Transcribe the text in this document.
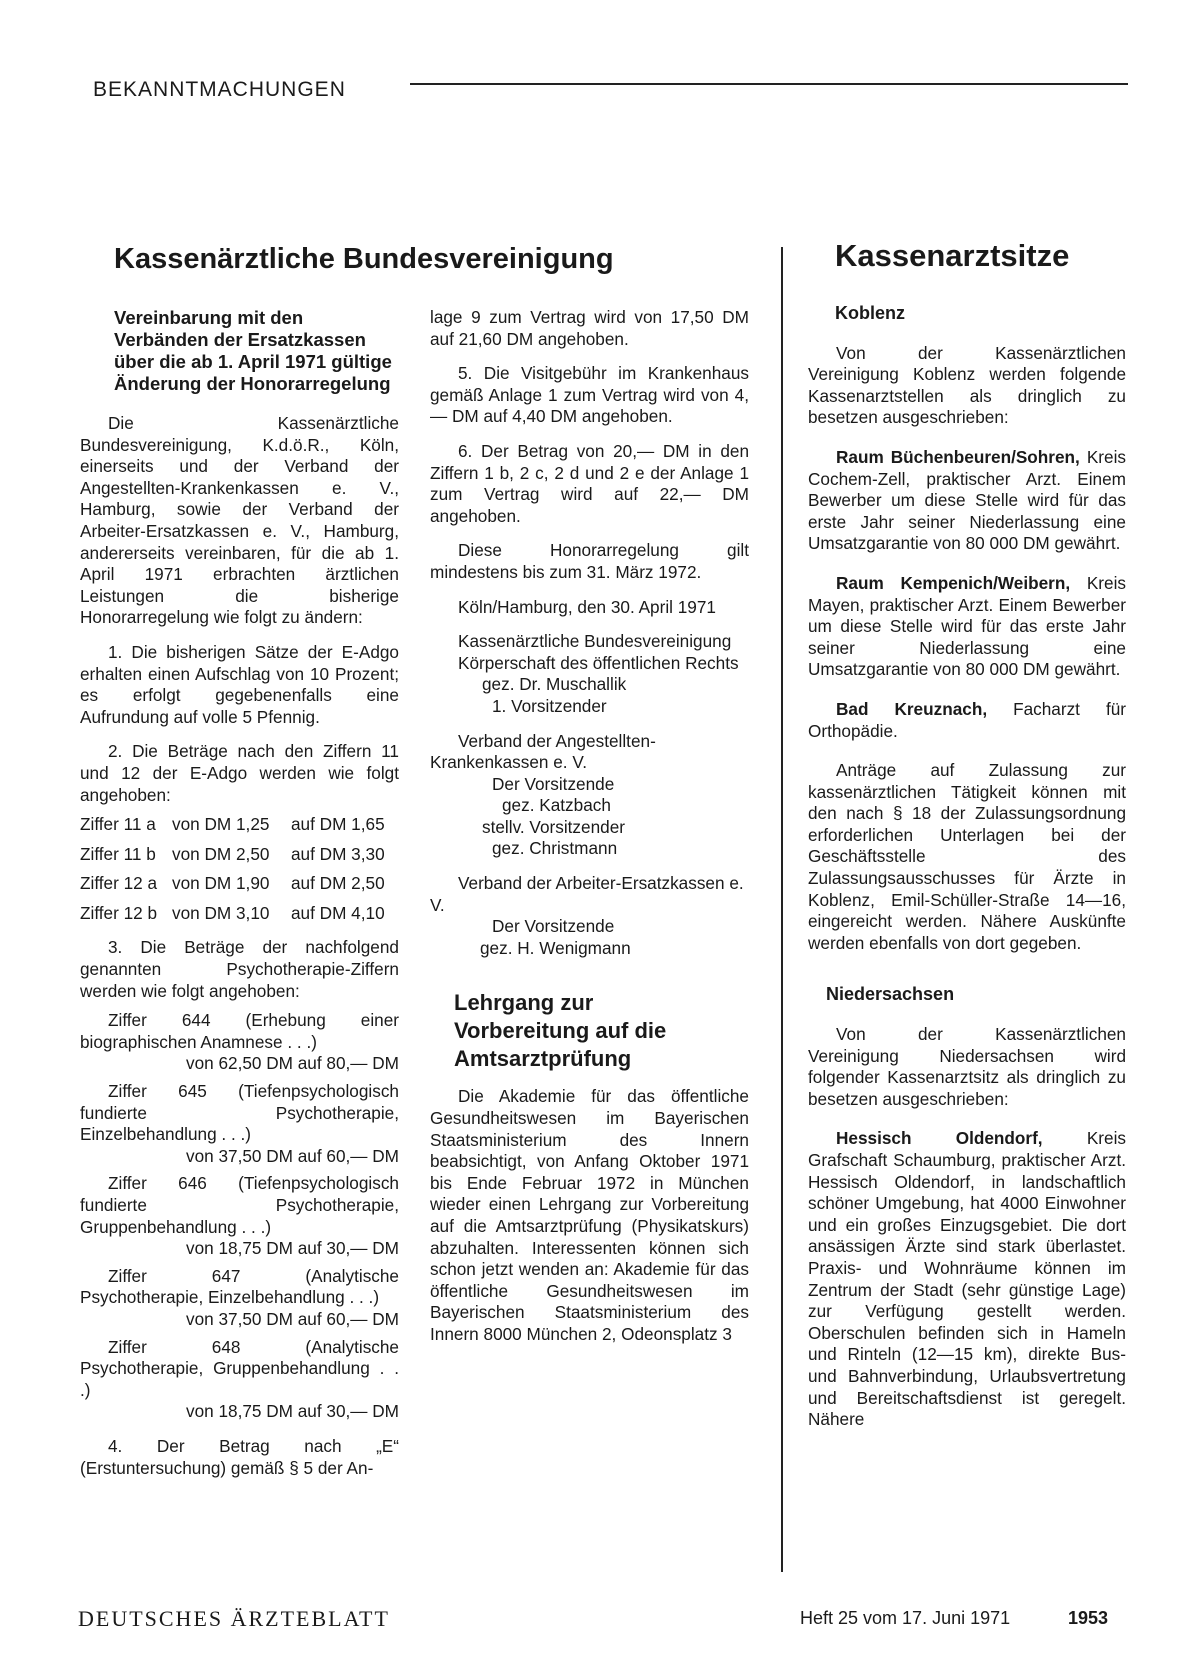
BEKANNTMACHUNGEN
Kassenärztliche Bundesvereinigung

Vereinbarung mit den Verbänden der Ersatzkassen über die ab 1. April 1971 gültige Änderung der Honorarregelung

Die Kassenärztliche Bundesvereinigung, K.d.ö.R., Köln, einerseits und der Verband der Angestellten-Krankenkassen e. V., Hamburg, sowie der Verband der Arbeiter-Ersatzkassen e. V., Hamburg, andererseits vereinbaren, für die ab 1. April 1971 erbrachten ärztlichen Leistungen die bisherige Honorarregelung wie folgt zu ändern:

1. Die bisherigen Sätze der E-Adgo erhalten einen Aufschlag von 10 Prozent; es erfolgt gegebenenfalls eine Aufrundung auf volle 5 Pfennig.

2. Die Beträge nach den Ziffern 11 und 12 der E-Adgo werden wie folgt angehoben:

Ziffer 11 a von DM 1,25	auf DM 1,65
Ziffer 11 b von DM 2,50	auf DM 3,30
Ziffer 12 a von DM 1,90	auf DM 2,50
Ziffer 12 b von DM 3,10	auf DM 4,10

3. Die Beträge der nachfolgend genannten Psychotherapie-Ziffern werden wie folgt angehoben:

Ziffer 644 (Erhebung einer biographischen Anamnese . . .)

von 62,50 DM auf 80,— DM

Ziffer 645 (Tiefenpsychologisch fundierte Psychotherapie, Einzelbehandlung . . .)

von 37,50 DM auf 60,— DM

Ziffer 646 (Tiefenpsychologisch fundierte Psychotherapie, Gruppenbehandlung . . .)

von 18,75 DM auf 30,— DM

Ziffer 647 (Analytische Psychotherapie, Einzelbehandlung . . .)

von 37,50 DM auf 60,— DM

Ziffer 648 (Analytische Psychotherapie, Gruppenbehandlung . . .)

von 18,75 DM auf 30,— DM

4. Der Betrag nach „E“ (Erstuntersuchung) gemäß § 5 der An-

lage 9 zum Vertrag wird von 17,50 DM auf 21,60 DM angehoben.

5. Die Visitgebühr im Krankenhaus gemäß Anlage 1 zum Vertrag wird von 4,— DM auf 4,40 DM angehoben.

6. Der Betrag von 20,— DM in den Ziffern 1 b, 2 c, 2 d und 2 e der Anlage 1 zum Vertrag wird auf 22,— DM angehoben.

Diese Honorarregelung gilt mindestens bis zum 31. März 1972.

Köln/Hamburg, den 30. April 1971

Kassenärztliche Bundesvereinigung

Körperschaft des öffentlichen Rechts

gez. Dr. Muschallik

1. Vorsitzender

Verband der Angestellten-Krankenkassen e. V.

Der Vorsitzende

gez. Katzbach

stellv. Vorsitzender

gez. Christmann

Verband der Arbeiter-Ersatzkassen e. V.

Der Vorsitzende

gez. H. Wenigmann

Lehrgang zur Vorbereitung auf die Amtsarztprüfung

Die Akademie für das öffentliche Gesundheitswesen im Bayerischen Staatsministerium des Innern beabsichtigt, von Anfang Oktober 1971 bis Ende Februar 1972 in München wieder einen Lehrgang zur Vorbereitung auf die Amtsarztprüfung (Physikatskurs) abzuhalten. Interessenten können sich schon jetzt wenden an: Akademie für das öffentliche Gesundheitswesen im Bayerischen Staatsministerium des Innern 8000 München 2, Odeonsplatz 3

Kassenarztsitze

Koblenz

Von der Kassenärztlichen Vereinigung Koblenz werden folgende Kassenarztstellen als dringlich zu besetzen ausgeschrieben:

Raum Büchenbeuren/Sohren, Kreis Cochem-Zell, praktischer Arzt. Einem Bewerber um diese Stelle wird für das erste Jahr seiner Niederlassung eine Umsatzgarantie von 80 000 DM gewährt.

Raum Kempenich/Weibern, Kreis Mayen, praktischer Arzt. Einem Bewerber um diese Stelle wird für das erste Jahr seiner Niederlassung eine Umsatzgarantie von 80 000 DM gewährt.

Bad Kreuznach, Facharzt für Orthopädie.

Anträge auf Zulassung zur kassenärztlichen Tätigkeit können mit den nach § 18 der Zulassungsordnung erforderlichen Unterlagen bei der Geschäftsstelle des Zulassungsausschusses für Ärzte in Koblenz, Emil-Schüller-Straße 14—16, eingereicht werden. Nähere Auskünfte werden ebenfalls von dort gegeben.

Niedersachsen

Von der Kassenärztlichen Vereinigung Niedersachsen wird folgender Kassenarztsitz als dringlich zu besetzen ausgeschrieben:

Hessisch Oldendorf,	Kreis Grafschaft Schaumburg, praktischer Arzt. Hessisch Oldendorf, in landschaftlich schöner Umgebung, hat 4000 Einwohner und ein großes Einzugsgebiet. Die dort ansässigen Ärzte sind stark überlastet. Praxis- und Wohnräume können im Zentrum der Stadt (sehr günstige Lage) zur Verfügung gestellt werden. Oberschulen befinden sich in Hameln und Rinteln (12—15 km), direkte Bus- und Bahnverbindung, Urlaubsvertretung und Bereitschaftsdienst ist geregelt. Nähere

DEUTSCHES ÄRZTEBLATT	Heft 25 vom 17. Juni 1971	1953
